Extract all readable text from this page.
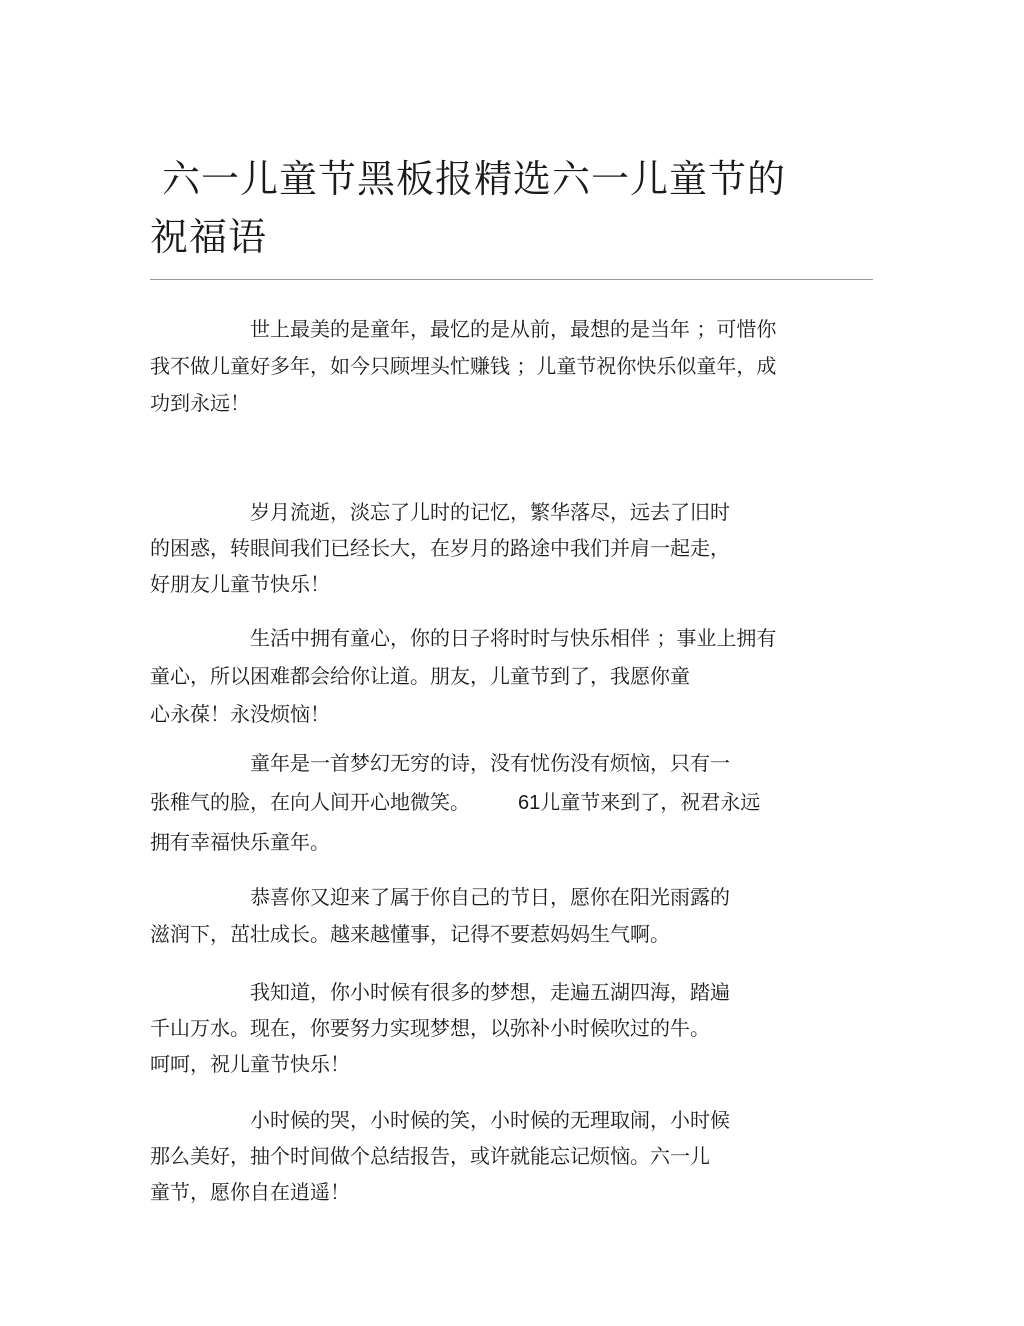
六一儿童节黑板报精选六一儿童节的
祝福语

世上最美的是童年，最忆的是从前，最想的是当年 ；可惜你
我不做儿童好多年，如今只顾埋头忙赚钱 ；儿童节祝你快乐似童年，成
功到永远！

岁月流逝，淡忘了儿时的记忆，繁华落尽，远去了旧时
的困惑，转眼间我们已经长大，在岁月的路途中我们并肩一起走，
好朋友儿童节快乐！

生活中拥有童心，你的日子将时时与快乐相伴 ；事业上拥有
童心，所以困难都会给你让道。朋友，儿童节到了，我愿你童
心永葆！永没烦恼！

童年是一首梦幻无穷的诗，没有忧伤没有烦恼，只有一
张稚气的脸，在向人间开心地微笑。 61儿童节来到了，祝君永远
拥有幸福快乐童年。

恭喜你又迎来了属于你自己的节日，愿你在阳光雨露的
滋润下，茁壮成长。越来越懂事，记得不要惹妈妈生气啊。

我知道，你小时候有很多的梦想，走遍五湖四海，踏遍
千山万水。现在，你要努力实现梦想，以弥补小时候吹过的牛。
呵呵，祝儿童节快乐！

小时候的哭，小时候的笑，小时候的无理取闹，小时候
那么美好，抽个时间做个总结报告，或许就能忘记烦恼。六一儿
童节，愿你自在逍遥！
